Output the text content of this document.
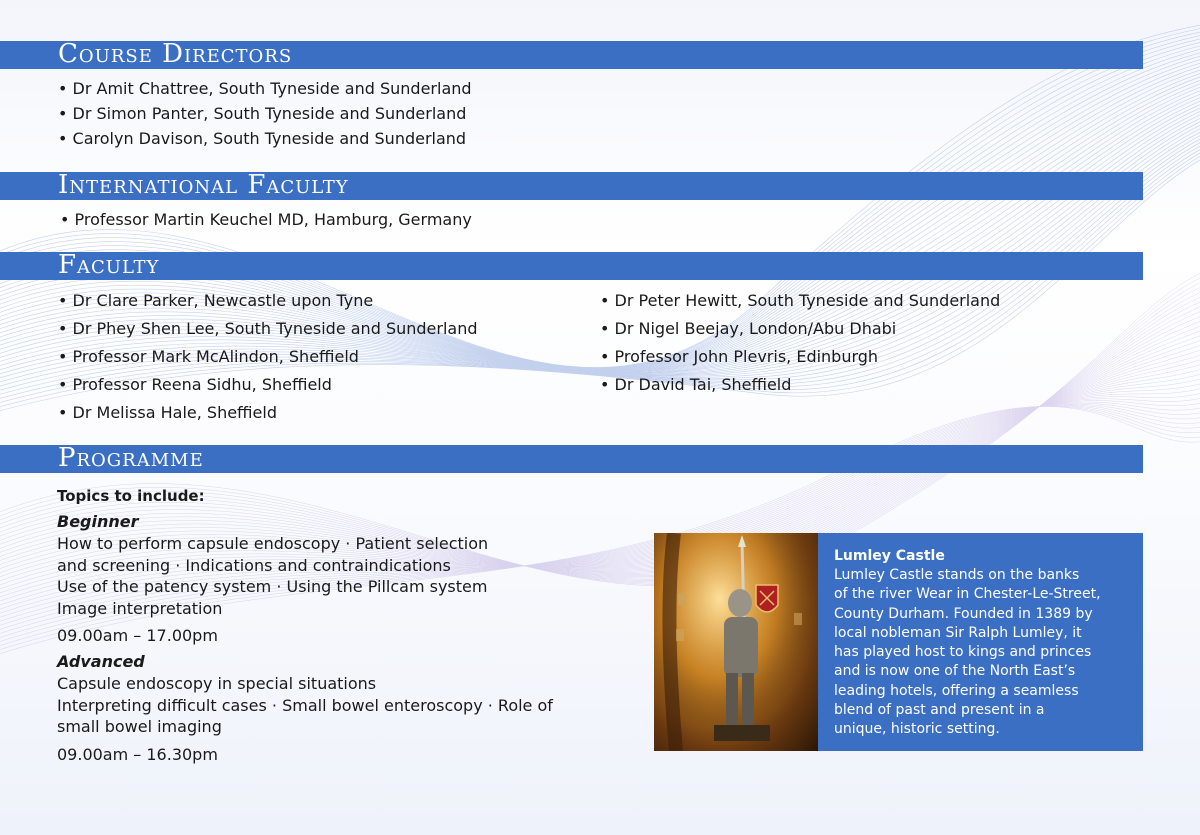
Course Directors
• Dr Amit Chattree, South Tyneside and Sunderland
• Dr Simon Panter, South Tyneside and Sunderland
• Carolyn Davison, South Tyneside and Sunderland
International Faculty
• Professor Martin Keuchel MD, Hamburg, Germany
Faculty
• Dr Clare Parker, Newcastle upon Tyne
• Dr Phey Shen Lee, South Tyneside and Sunderland
• Professor Mark McAlindon, Sheffield
• Professor Reena Sidhu, Sheffield
• Dr Melissa Hale, Sheffield
• Dr Peter Hewitt, South Tyneside and Sunderland
• Dr Nigel Beejay, London/Abu Dhabi
• Professor John Plevris, Edinburgh
• Dr David Tai, Sheffield
Programme

Topics to include:

Beginner

How to perform capsule endoscopy · Patient selection

and screening · Indications and contraindications

Use of the patency system · Using the Pillcam system

Image interpretation

09.00am – 17.00pm

Advanced

Capsule endoscopy in special situations

Interpreting difficult cases · Small bowel enteroscopy · Role of

small bowel imaging

09.00am – 16.30pm

Lumley Castle

Lumley Castle stands on the banks

of the river Wear in Chester-Le-Street,

County Durham. Founded in 1389 by

local nobleman Sir Ralph Lumley, it

has played host to kings and princes

and is now one of the North East’s

leading hotels, offering a seamless

blend of past and present in a

unique, historic setting.
